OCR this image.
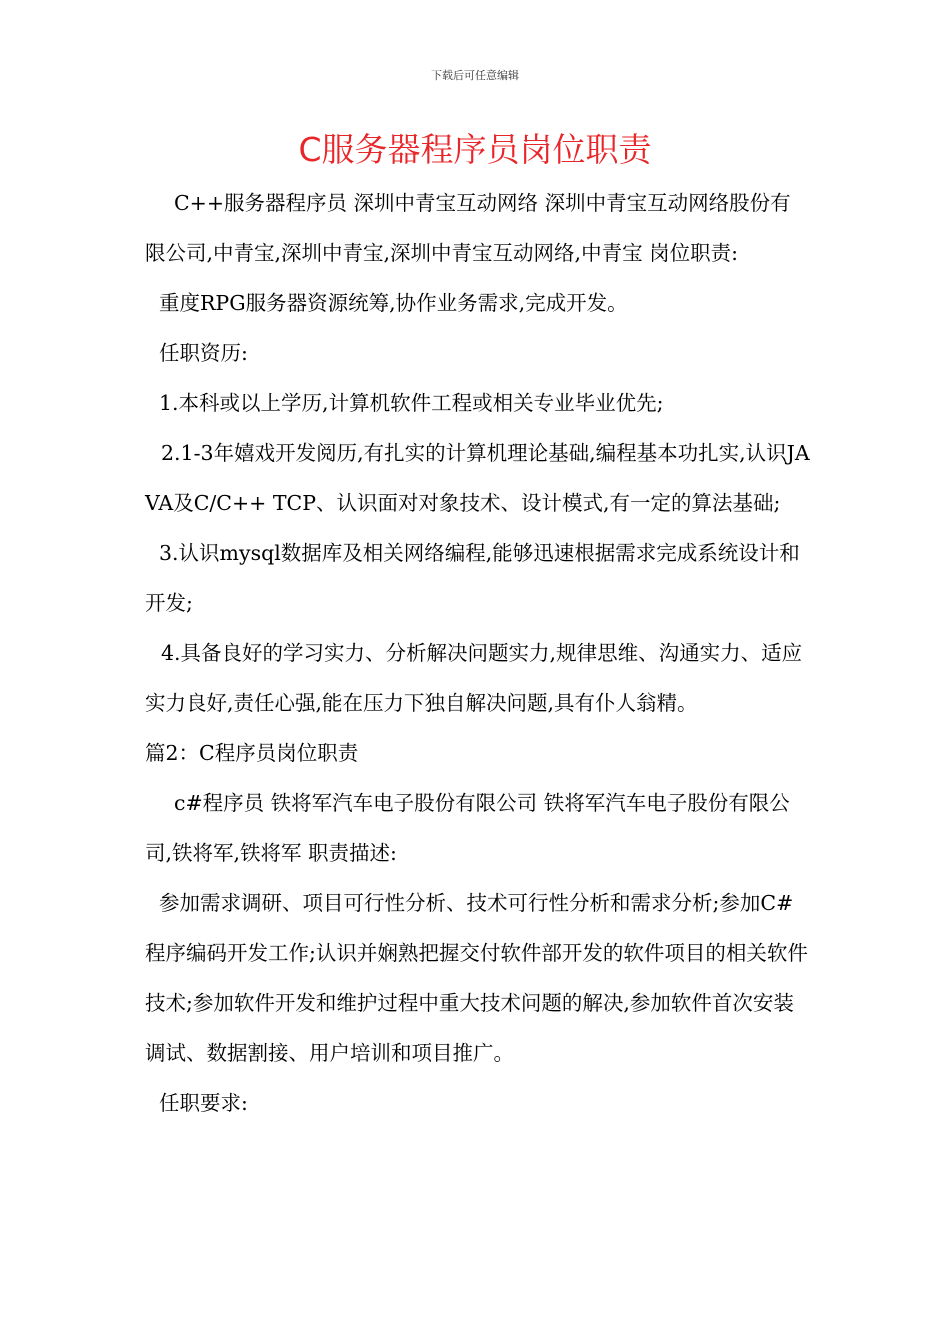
下载后可任意编辑
C服务器程序员岗位职责

C++服务器程序员 深圳中青宝互动网络 深圳中青宝互动网络股份有限公司,中青宝,深圳中青宝,深圳中青宝互动网络,中青宝 岗位职责:

重度RPG服务器资源统筹,协作业务需求,完成开发。

任职资历:

1.本科或以上学历,计算机软件工程或相关专业毕业优先;

2.1-3年嬉戏开发阅历,有扎实的计算机理论基础,编程基本功扎实,认识JAVA及C/C++ TCP、认识面对对象技术、设计模式,有一定的算法基础;

3.认识mysql数据库及相关网络编程,能够迅速根据需求完成系统设计和开发;

4.具备良好的学习实力、分析解决问题实力,规律思维、沟通实力、适应实力良好,责任心强,能在压力下独自解决问题,具有仆人翁精。

篇2：C程序员岗位职责

c#程序员 铁将军汽车电子股份有限公司 铁将军汽车电子股份有限公司,铁将军,铁将军 职责描述:

参加需求调研、项目可行性分析、技术可行性分析和需求分析;参加C#程序编码开发工作;认识并娴熟把握交付软件部开发的软件项目的相关软件技术;参加软件开发和维护过程中重大技术问题的解决,参加软件首次安装调试、数据割接、用户培训和项目推广。

任职要求:
